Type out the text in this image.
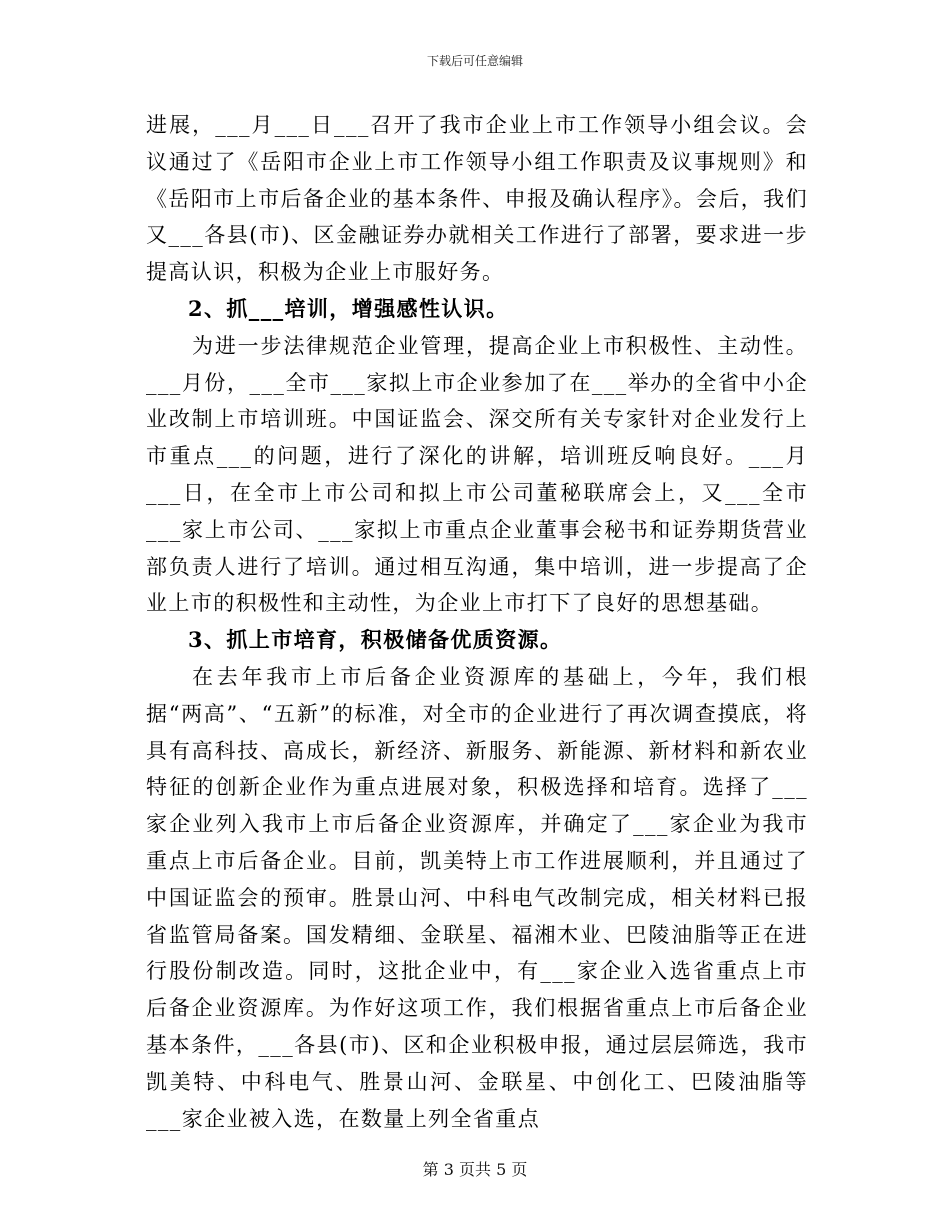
下载后可任意编辑

进展，___月___日___召开了我市企业上市工作领导小组会议。会议通过了《岳阳市企业上市工作领导小组工作职责及议事规则》和《岳阳市上市后备企业的基本条件、申报及确认程序》。会后，我们又___各县(市)、区金融证券办就相关工作进行了部署，要求进一步提高认识，积极为企业上市服好务。

2、抓___培训，增强感性认识。

为进一步法律规范企业管理，提高企业上市积极性、主动性。___月份，___全市___家拟上市企业参加了在___举办的全省中小企业改制上市培训班。中国证监会、深交所有关专家针对企业发行上市重点___的问题，进行了深化的讲解，培训班反响良好。___月___日，在全市上市公司和拟上市公司董秘联席会上，又___全市___家上市公司、___家拟上市重点企业董事会秘书和证券期货营业部负责人进行了培训。通过相互沟通，集中培训，进一步提高了企业上市的积极性和主动性，为企业上市打下了良好的思想基础。

3、抓上市培育，积极储备优质资源。

在去年我市上市后备企业资源库的基础上，今年，我们根据“两高”、“五新”的标准，对全市的企业进行了再次调查摸底，将具有高科技、高成长，新经济、新服务、新能源、新材料和新农业特征的创新企业作为重点进展对象，积极选择和培育。选择了___家企业列入我市上市后备企业资源库，并确定了___家企业为我市重点上市后备企业。目前，凯美特上市工作进展顺利，并且通过了中国证监会的预审。胜景山河、中科电气改制完成，相关材料已报省监管局备案。国发精细、金联星、福湘木业、巴陵油脂等正在进行股份制改造。同时，这批企业中，有___家企业入选省重点上市后备企业资源库。为作好这项工作，我们根据省重点上市后备企业基本条件，___各县(市)、区和企业积极申报，通过层层筛选，我市凯美特、中科电气、胜景山河、金联星、中创化工、巴陵油脂等___家企业被入选，在数量上列全省重点

第 3 页共 5 页
